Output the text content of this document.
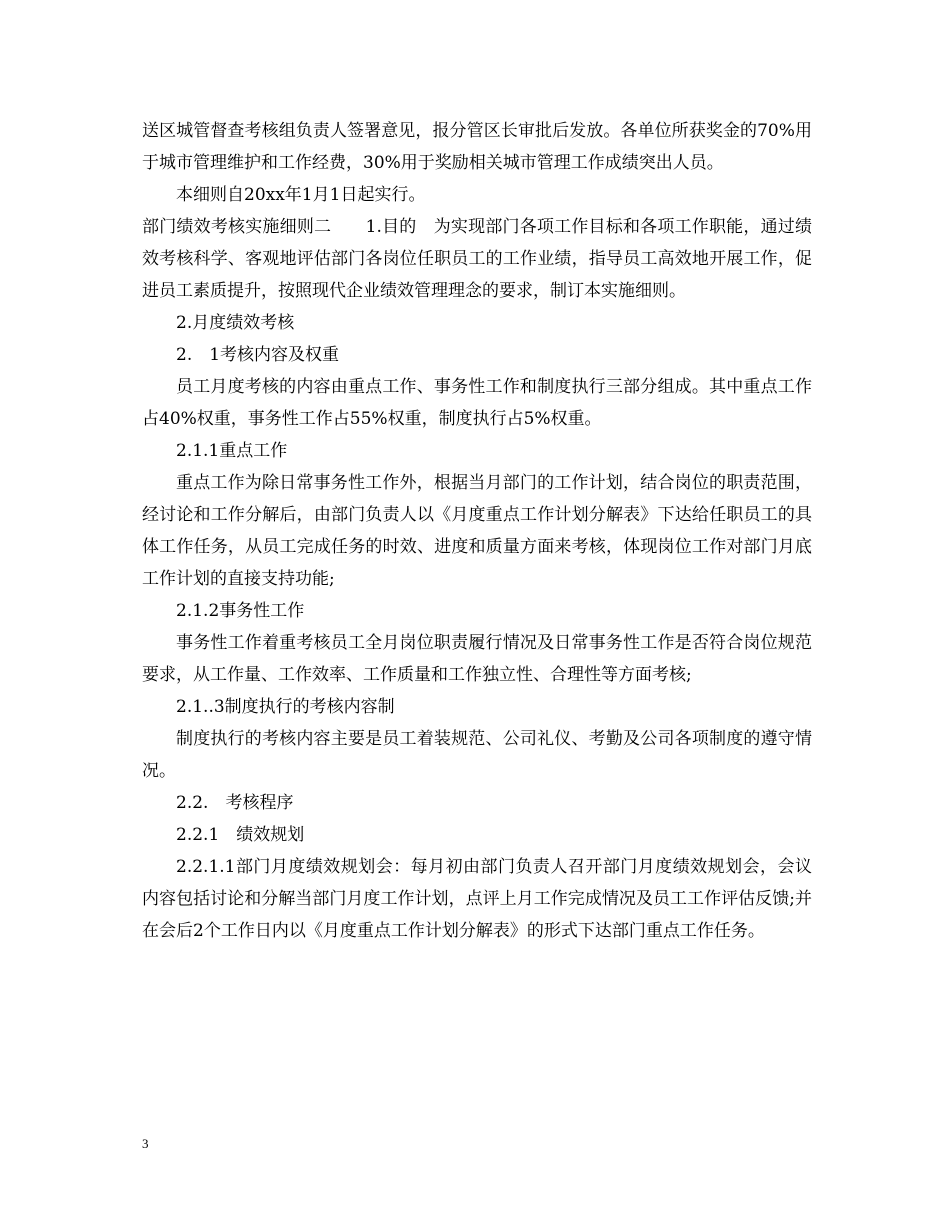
送区城管督查考核组负责人签署意见，报分管区长审批后发放。各单位所获奖金的70%用于城市管理维护和工作经费，30%用于奖励相关城市管理工作成绩突出人员。

本细则自20xx年1月1日起实行。

部门绩效考核实施细则二　　1.目的　为实现部门各项工作目标和各项工作职能，通过绩效考核科学、客观地评估部门各岗位任职员工的工作业绩，指导员工高效地开展工作，促进员工素质提升，按照现代企业绩效管理理念的要求，制订本实施细则。

2.月度绩效考核

2.　1考核内容及权重

员工月度考核的内容由重点工作、事务性工作和制度执行三部分组成。其中重点工作占40%权重，事务性工作占55%权重，制度执行占5%权重。

2.1.1重点工作

重点工作为除日常事务性工作外，根据当月部门的工作计划，结合岗位的职责范围，经讨论和工作分解后，由部门负责人以《月度重点工作计划分解表》下达给任职员工的具体工作任务，从员工完成任务的时效、进度和质量方面来考核，体现岗位工作对部门月底工作计划的直接支持功能;

2.1.2事务性工作

事务性工作着重考核员工全月岗位职责履行情况及日常事务性工作是否符合岗位规范要求，从工作量、工作效率、工作质量和工作独立性、合理性等方面考核;

2.1..3制度执行的考核内容制

制度执行的考核内容主要是员工着装规范、公司礼仪、考勤及公司各项制度的遵守情况。

2.2.　考核程序

2.2.1　绩效规划

2.2.1.1部门月度绩效规划会：每月初由部门负责人召开部门月度绩效规划会，会议内容包括讨论和分解当部门月度工作计划，点评上月工作完成情况及员工工作评估反馈;并在会后2个工作日内以《月度重点工作计划分解表》的形式下达部门重点工作任务。

3
